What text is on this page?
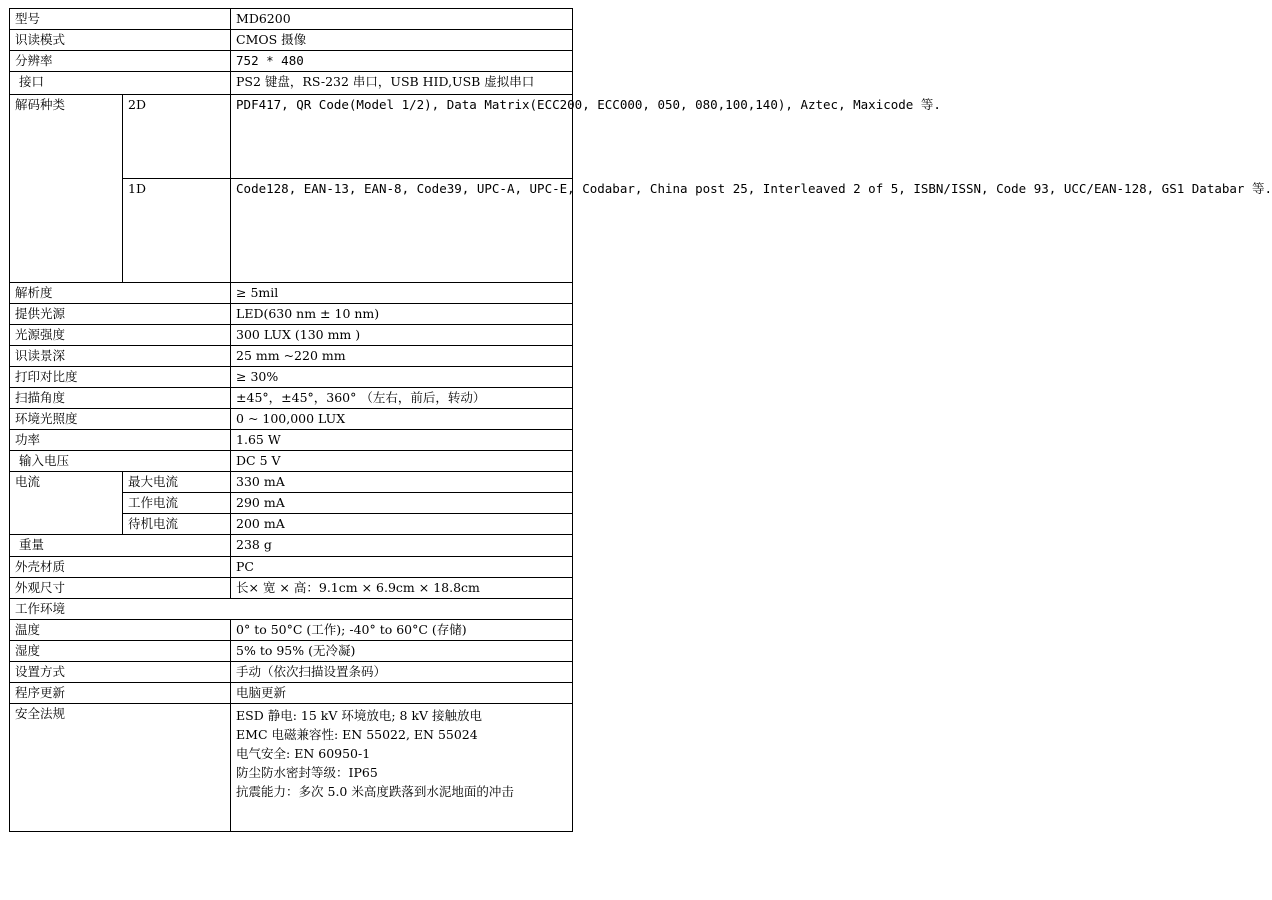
型号		MD6200
识读模式		CMOS 摄像
分辨率		752 * 480
接口		PS2 键盘，RS-232 串口，USB HID,USB 虚拟串口
解码种类	2D	PDF417, QR Code(Model 1/2), Data Matrix(ECC200, ECC000, 050, 080,100,140), Aztec, Maxicode 等.
	1D	Code128, EAN-13, EAN-8, Code39, UPC-A, UPC-E, Codabar, China post 25, Interleaved 2 of 5, ISBN/ISSN, Code 93, UCC/EAN-128, GS1 Databar 等.
解析度		≥ 5mil
提供光源		LED(630 nm ± 10 nm)
光源强度		300 LUX (130 mm )
识读景深		25 mm ~220 mm
打印对比度		≥ 30%
扫描角度		±45°，±45°，360° （左右，前后，转动）
环境光照度		0 ~ 100,000 LUX
功率		1.65 W
输入电压		DC 5 V
电流	最大电流	330 mA
	工作电流	290 mA
	待机电流	200 mA
重量		238 g
外壳材质		PC
外观尺寸		长× 宽 × 高：9.1cm × 6.9cm × 18.8cm
工作环境		
温度		0° to 50°C (工作); -40° to 60°C (存储)
湿度		5% to 95% (无冷凝)
设置方式		手动（依次扫描设置条码）
程序更新		电脑更新
安全法规		ESD 静电: 15 kV 环境放电; 8 kV 接触放电
EMC 电磁兼容性: EN 55022, EN 55024
电气安全: EN 60950-1
防尘防水密封等级：IP65
抗震能力：多次 5.0 米高度跌落到水泥地面的冲击
